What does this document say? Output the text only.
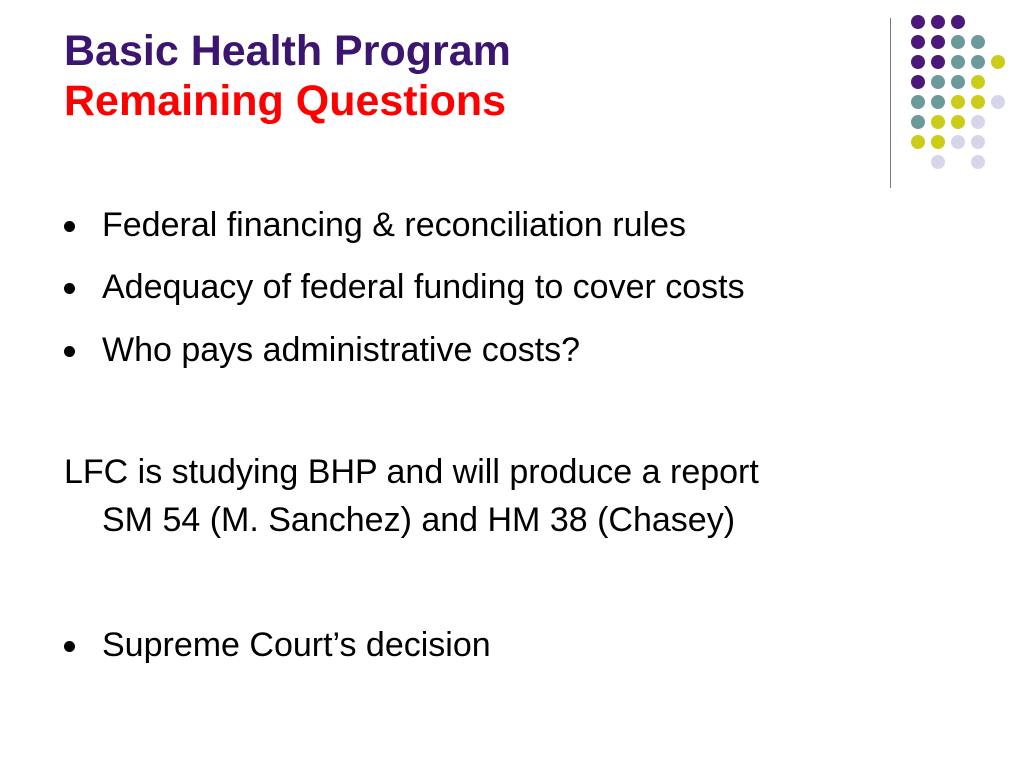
Basic Health Program
Remaining Questions
Federal financing & reconciliation rules
Adequacy of federal funding to cover costs
Who pays administrative costs?
LFC is studying BHP and will produce a report
SM 54 (M. Sanchez) and HM 38 (Chasey)
Supreme Court’s decision
